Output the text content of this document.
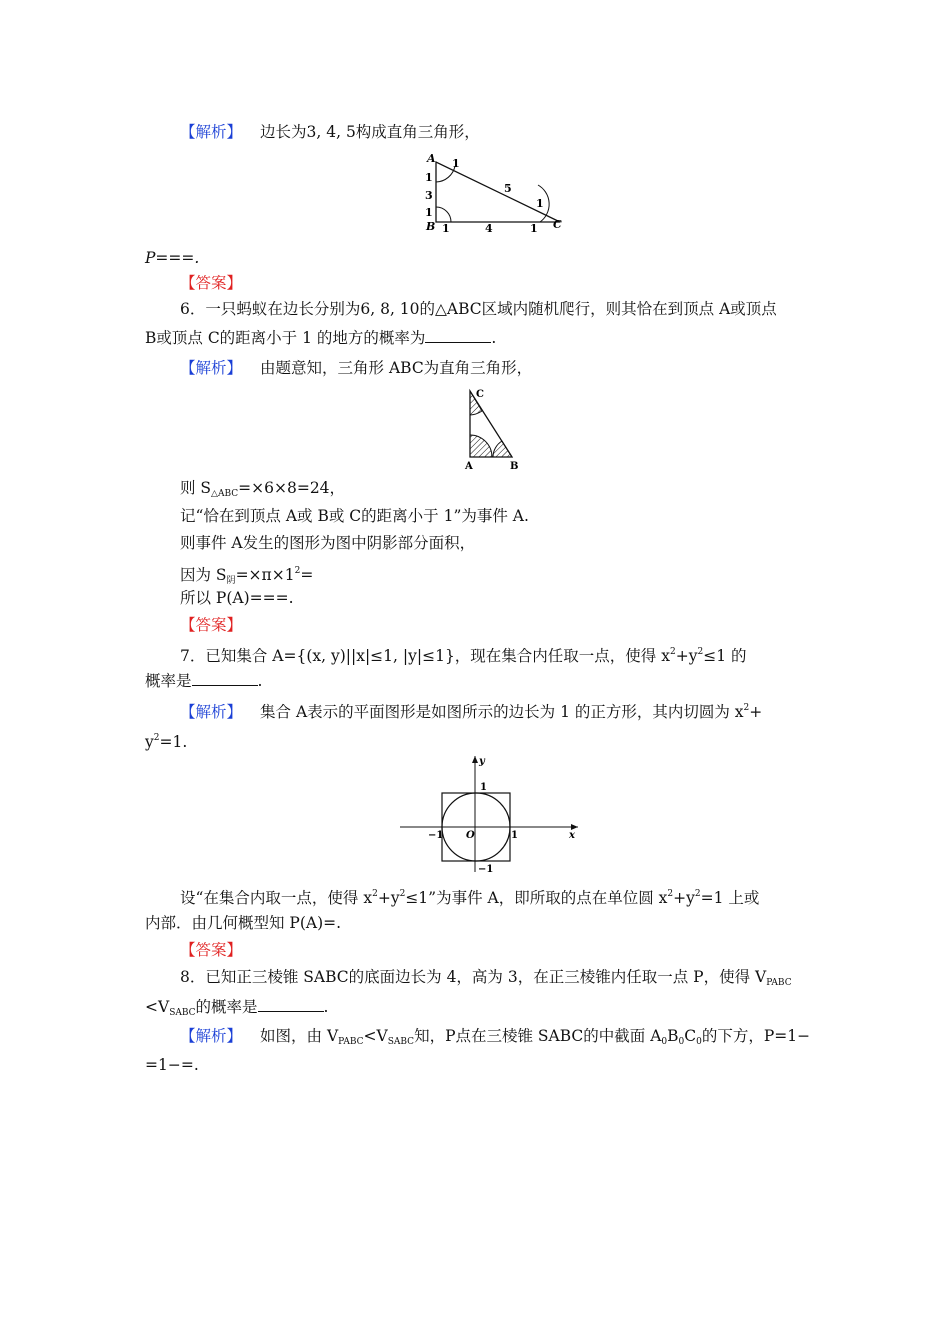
【解析】 边长为3, 4, 5构成直角三角形，
A
B	C
1
1
3
1
5
1
1	4	1
P===.
【答案】
6．一只蚂蚁在边长分别为6, 8, 10的△ABC区域内随机爬行，则其恰在到顶点 A或顶点
B或顶点 C的距离小于 1 的地方的概率为	.
【解析】 由题意知，三角形 ABC为直角三角形，
C
A	B
则 $S_{\triangle ABC}=\times 6\times 8=24$，
记“恰在到顶点 A或 B或 C的距离小于 1”为事件 A.
则事件 A发生的图形为图中阴影部分面积，
因为 $S_阴=\times\pi\times 1^2=$
所以 P(A)===.
【答案】
7．已知集合 A={(x, y)||x|≤1, |y|≤1}，现在集合内任取一点，使得 $x^2+y^2\le 1$ 的
概率是	.
【解析】 集合 A表示的平面图形是如图所示的边长为 1 的正方形，其内切圆为 $x^2+$
$y^2=1$.
y
x
1
1
−1
−1
O
设“在集合内取一点，使得 $x^2+y^2\le 1$”为事件 A，即所取的点在单位圆 $x^2+y^2=1$ 上或
内部．由几何概型知 P(A)=.
【答案】
8．已知正三棱锥 SABC的底面边长为 4，高为 3，在正三棱锥内任取一点 P，使得 $V_{PABC}$
$<V_{SABC}$的概率是	.
【解析】 如图，由 $V_{PABC}<V_{SABC}$知，P点在三棱锥 SABC的中截面 $A_0B_0C_0$的下方，P=1−
=1−=.
